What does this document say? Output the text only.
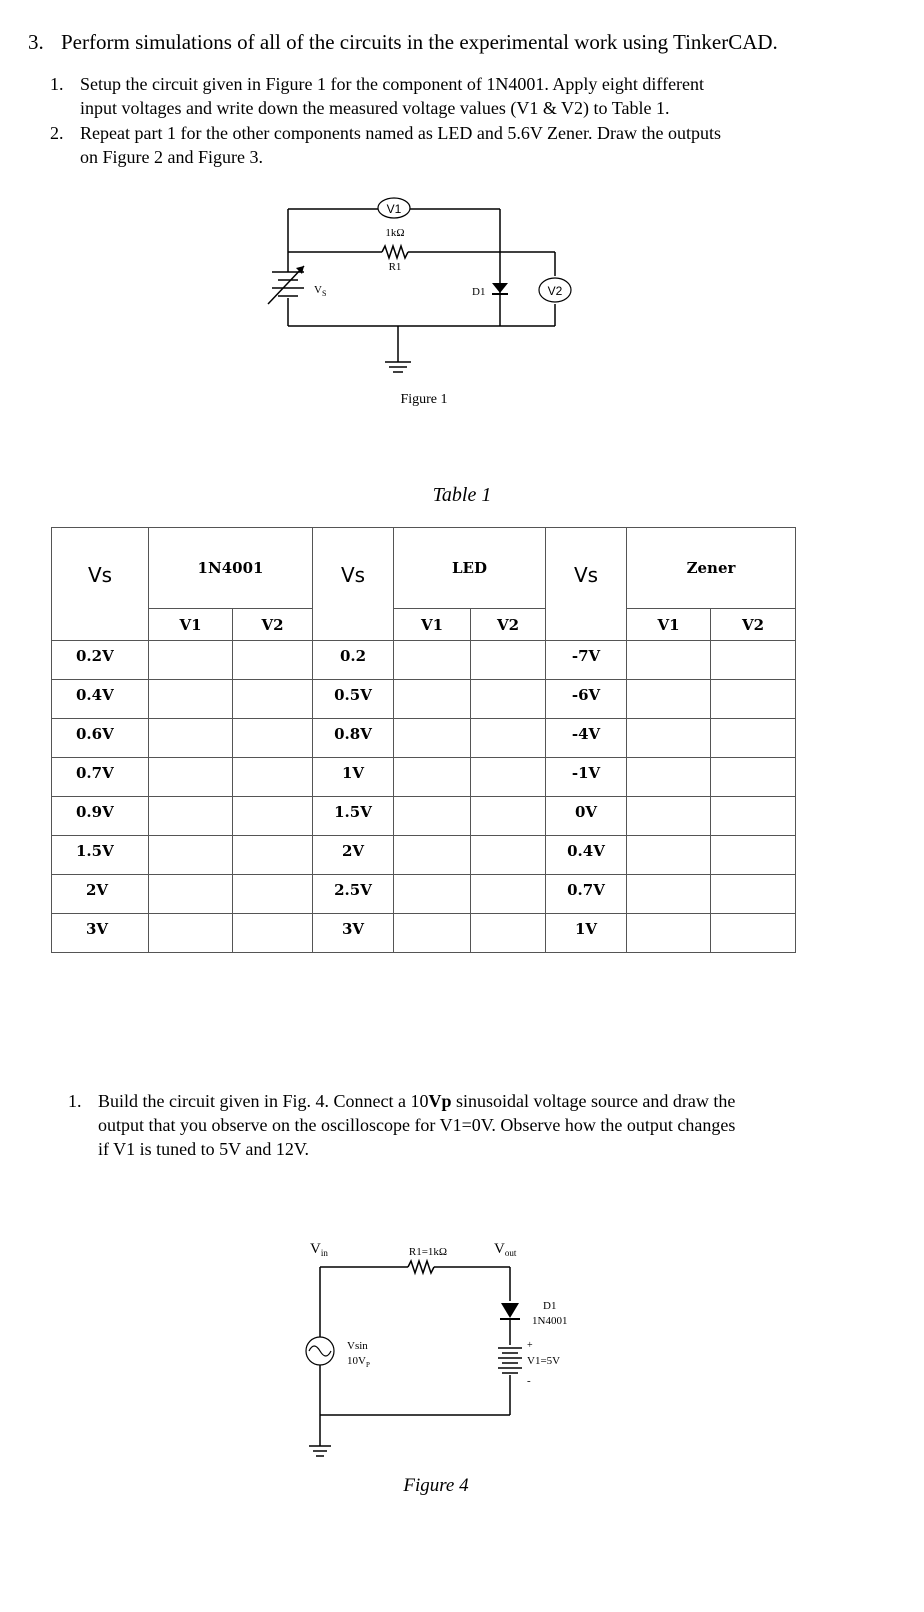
3. Perform simulations of all of the circuits in the experimental work using TinkerCAD.
1. Setup the circuit given in Figure 1 for the component of 1N4001. Apply eight different
input voltages and write down the measured voltage values (V1 & V2) to Table 1.
2. Repeat part 1 for the other components named as LED and 5.6V Zener. Draw the outputs
on Figure 2 and Figure 3.
V1
V2
1kΩ
R1
$V_S$	D1
Figure 1
Table 1
Vs	1N4001		Vs	LED		Vs	Zener	
	V1	V2		V1	V2		V1	V2
0.2V			0.2			-7V		
0.4V			0.5V			-6V		
0.6V			0.8V			-4V		
0.7V			1V			-1V		
0.9V			1.5V			0V		
1.5V			2V			0.4V		
2V			2.5V			0.7V		
3V			3V			1V		
1. Build the circuit given in Fig. 4. Connect a 10Vp sinusoidal voltage source and draw the
output that you observe on the oscilloscope for V1=0V. Observe how the output changes
if V1 is tuned to 5V and 12V.
$V_{in}$	$V_{out}$
R1=1kΩ
Vsin
$10V_P$
D1
1N4001
+
V1=5V
-
Figure 4
